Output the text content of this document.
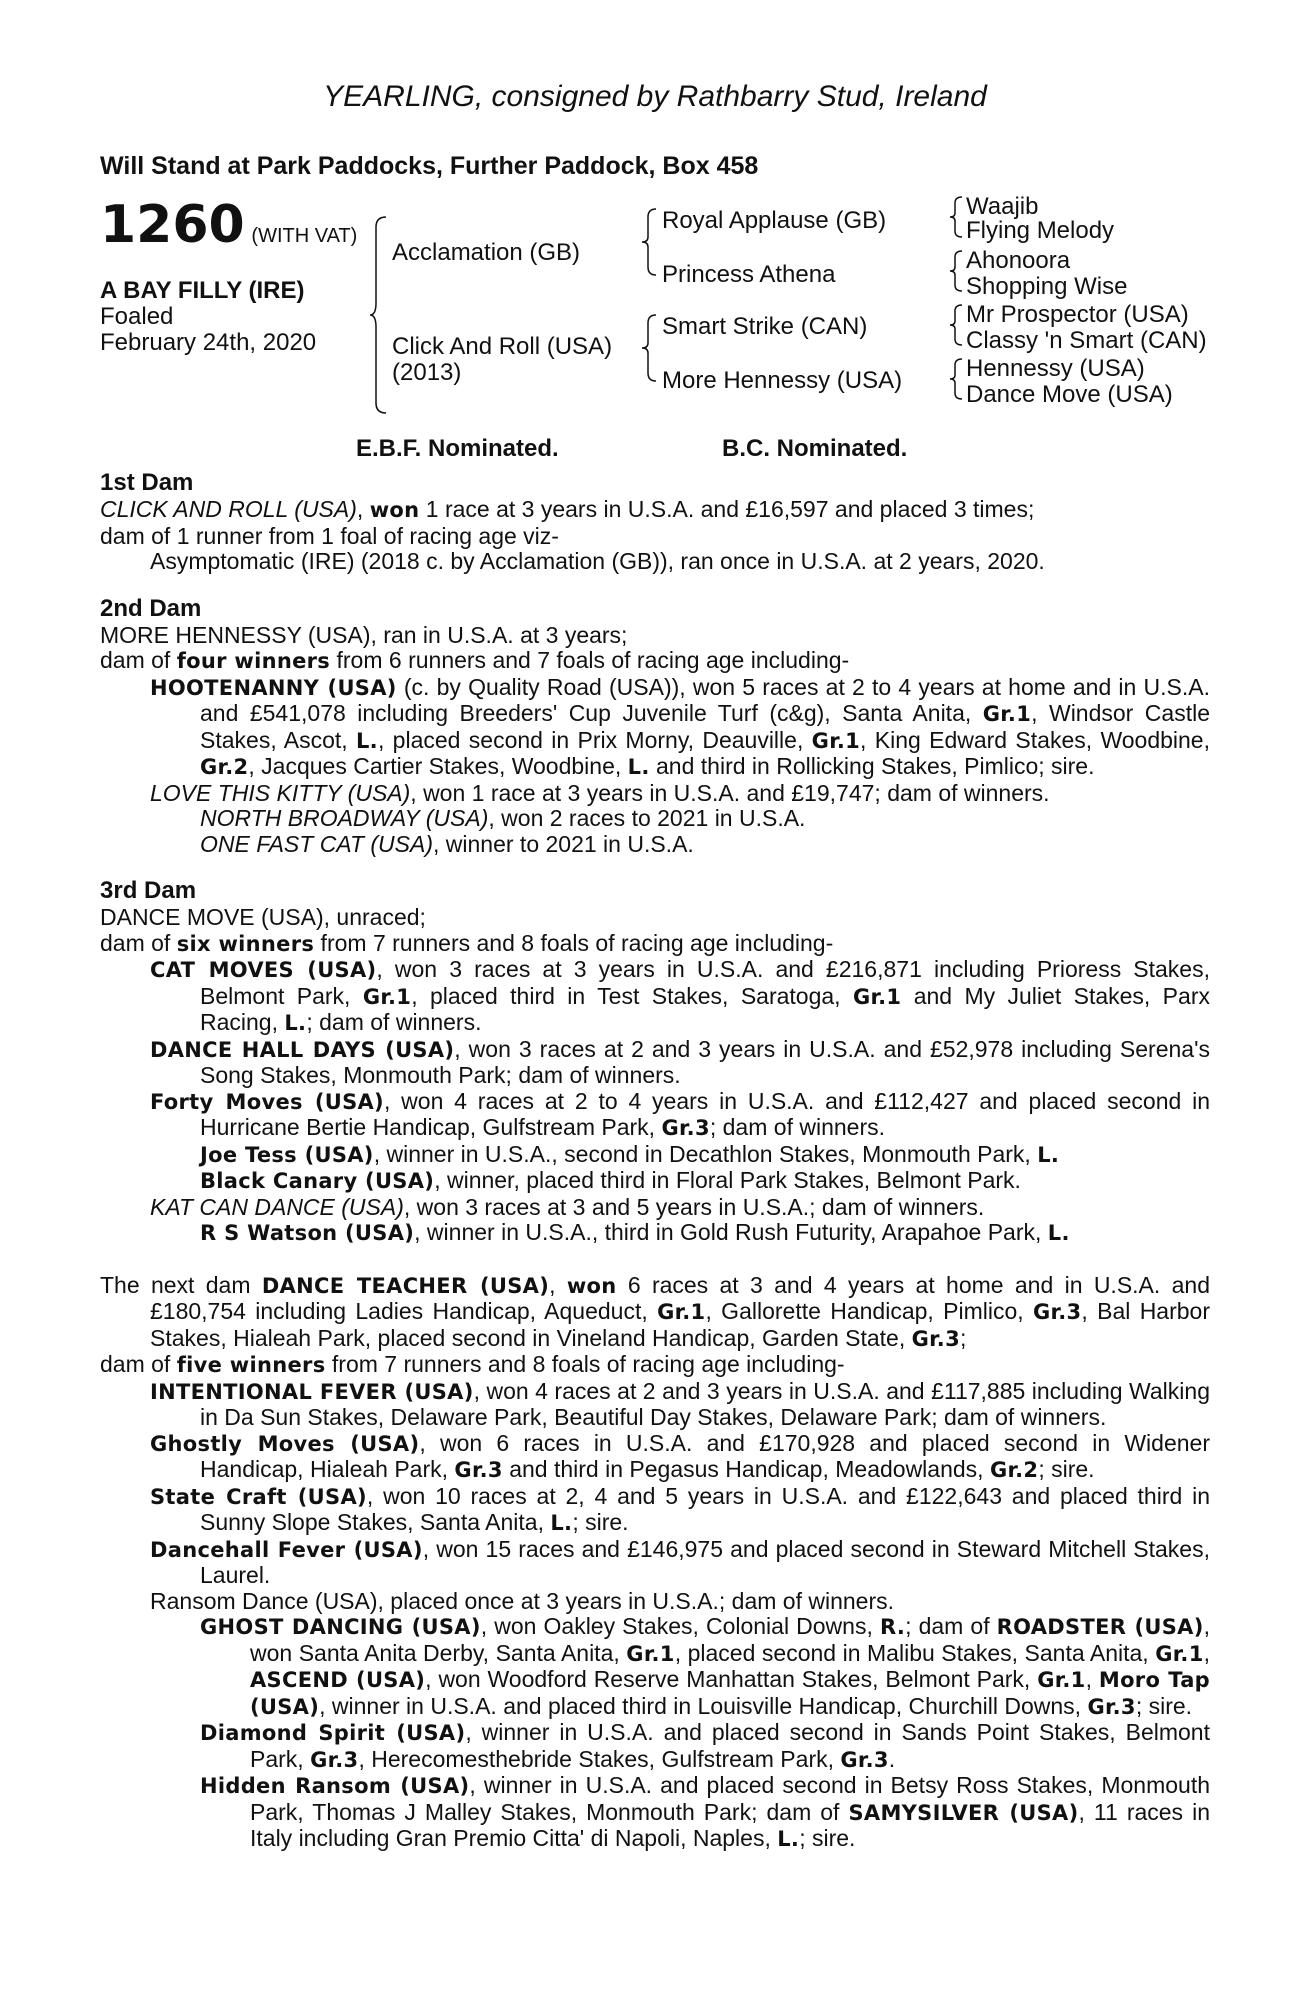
YEARLING, consigned by Rathbarry Stud, Ireland
Will Stand at Park Paddocks, Further Paddock, Box 458
1260 (WITH VAT)
A BAY FILLY (IRE)
Foaled
February 24th, 2020
Acclamation (GB)
Click And Roll (USA)
(2013)
Royal Applause (GB)
Princess Athena
Smart Strike (CAN)
More Hennessy (USA)
Waajib
Flying Melody
Ahonoora
Shopping Wise
Mr Prospector (USA)
Classy 'n Smart (CAN)
Hennessy (USA)
Dance Move (USA)
E.B.F. Nominated.	B.C. Nominated.
1st Dam

CLICK AND ROLL (USA), won 1 race at 3 years in U.S.A. and £16,597 and placed 3 times;

dam of 1 runner from 1 foal of racing age viz-

Asymptomatic (IRE) (2018 c. by Acclamation (GB)), ran once in U.S.A. at 2 years, 2020.

2nd Dam

MORE HENNESSY (USA), ran in U.S.A. at 3 years;

dam of four winners from 6 runners and 7 foals of racing age including-

HOOTENANNY (USA) (c. by Quality Road (USA)), won 5 races at 2 to 4 years at home and in U.S.A. and £541,078 including Breeders' Cup Juvenile Turf (c&g), Santa Anita, Gr.1, Windsor Castle Stakes, Ascot, L., placed second in Prix Morny, Deauville, Gr.1, King Edward Stakes, Woodbine, Gr.2, Jacques Cartier Stakes, Woodbine, L. and third in Rollicking Stakes, Pimlico; sire.

LOVE THIS KITTY (USA), won 1 race at 3 years in U.S.A. and £19,747; dam of winners.

NORTH BROADWAY (USA), won 2 races to 2021 in U.S.A.

ONE FAST CAT (USA), winner to 2021 in U.S.A.

3rd Dam

DANCE MOVE (USA), unraced;

dam of six winners from 7 runners and 8 foals of racing age including-

CAT MOVES (USA), won 3 races at 3 years in U.S.A. and £216,871 including Prioress Stakes, Belmont Park, Gr.1, placed third in Test Stakes, Saratoga, Gr.1 and My Juliet Stakes, Parx Racing, L.; dam of winners.

DANCE HALL DAYS (USA), won 3 races at 2 and 3 years in U.S.A. and £52,978 including Serena's Song Stakes, Monmouth Park; dam of winners.

Forty Moves (USA), won 4 races at 2 to 4 years in U.S.A. and £112,427 and placed second in Hurricane Bertie Handicap, Gulfstream Park, Gr.3; dam of winners.

Joe Tess (USA), winner in U.S.A., second in Decathlon Stakes, Monmouth Park, L.

Black Canary (USA), winner, placed third in Floral Park Stakes, Belmont Park.

KAT CAN DANCE (USA), won 3 races at 3 and 5 years in U.S.A.; dam of winners.

R S Watson (USA), winner in U.S.A., third in Gold Rush Futurity, Arapahoe Park, L.

The next dam DANCE TEACHER (USA), won 6 races at 3 and 4 years at home and in U.S.A. and £180,754 including Ladies Handicap, Aqueduct, Gr.1, Gallorette Handicap, Pimlico, Gr.3, Bal Harbor Stakes, Hialeah Park, placed second in Vineland Handicap, Garden State, Gr.3;

dam of five winners from 7 runners and 8 foals of racing age including-

INTENTIONAL FEVER (USA), won 4 races at 2 and 3 years in U.S.A. and £117,885 including Walking in Da Sun Stakes, Delaware Park, Beautiful Day Stakes, Delaware Park; dam of winners.

Ghostly Moves (USA), won 6 races in U.S.A. and £170,928 and placed second in Widener Handicap, Hialeah Park, Gr.3 and third in Pegasus Handicap, Meadowlands, Gr.2; sire.

State Craft (USA), won 10 races at 2, 4 and 5 years in U.S.A. and £122,643 and placed third in Sunny Slope Stakes, Santa Anita, L.; sire.

Dancehall Fever (USA), won 15 races and £146,975 and placed second in Steward Mitchell Stakes, Laurel.

Ransom Dance (USA), placed once at 3 years in U.S.A.; dam of winners.

GHOST DANCING (USA), won Oakley Stakes, Colonial Downs, R.; dam of ROADSTER (USA), won Santa Anita Derby, Santa Anita, Gr.1, placed second in Malibu Stakes, Santa Anita, Gr.1, ASCEND (USA), won Woodford Reserve Manhattan Stakes, Belmont Park, Gr.1, Moro Tap (USA), winner in U.S.A. and placed third in Louisville Handicap, Churchill Downs, Gr.3; sire.

Diamond Spirit (USA), winner in U.S.A. and placed second in Sands Point Stakes, Belmont Park, Gr.3, Herecomesthebride Stakes, Gulfstream Park, Gr.3.

Hidden Ransom (USA), winner in U.S.A. and placed second in Betsy Ross Stakes, Monmouth Park, Thomas J Malley Stakes, Monmouth Park; dam of SAMYSILVER (USA), 11 races in Italy including Gran Premio Citta' di Napoli, Naples, L.; sire.
